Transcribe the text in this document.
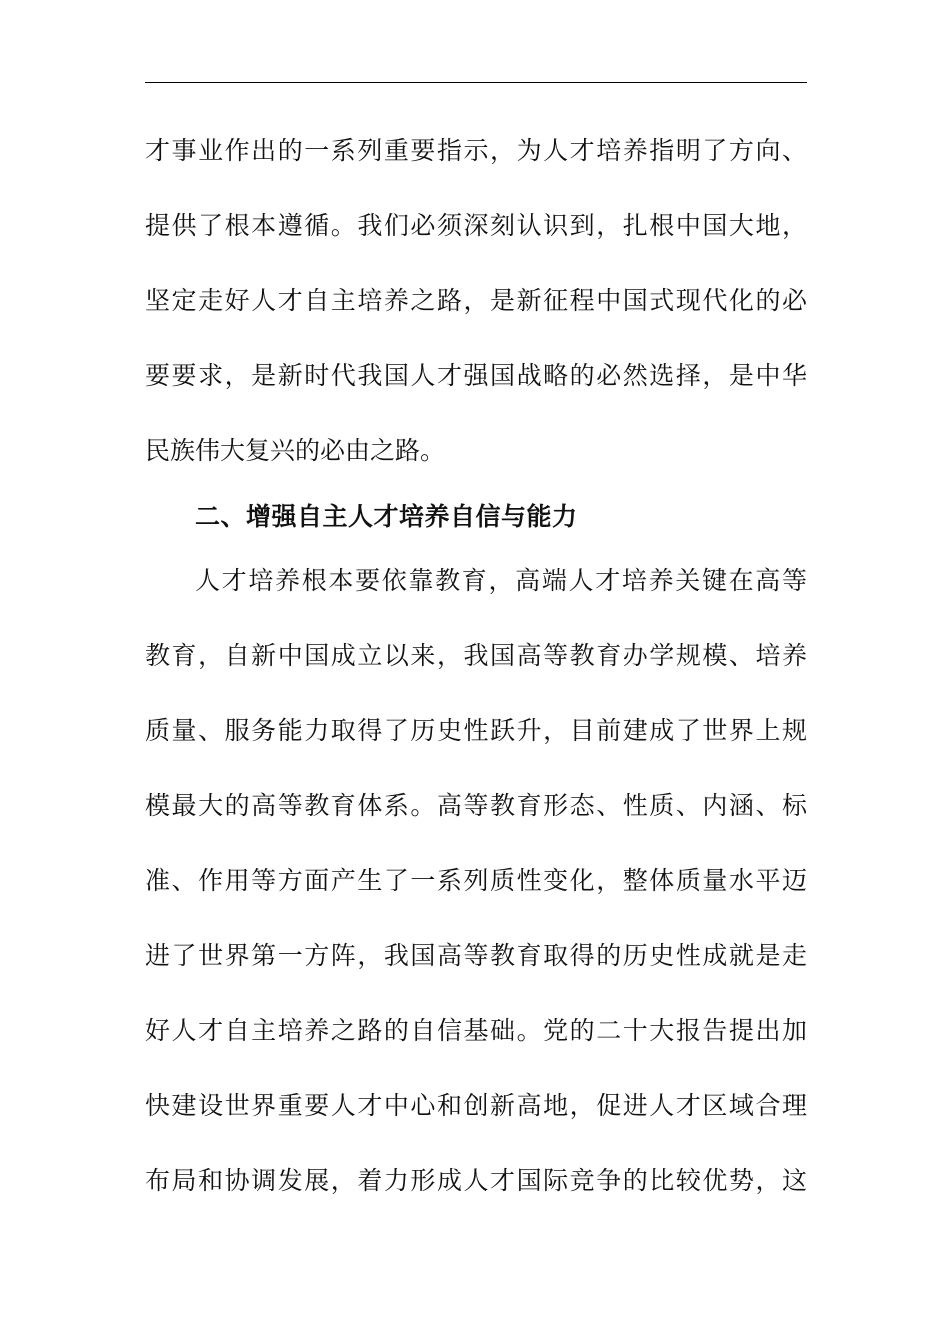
才事业作出的一系列重要指示，为人才培养指明了方向、
提供了根本遵循。我们必须深刻认识到，扎根中国大地，
坚定走好人才自主培养之路，是新征程中国式现代化的必
要要求，是新时代我国人才强国战略的必然选择，是中华
民族伟大复兴的必由之路。
二、增强自主人才培养自信与能力
人才培养根本要依靠教育，高端人才培养关键在高等
教育，自新中国成立以来，我国高等教育办学规模、培养
质量、服务能力取得了历史性跃升，目前建成了世界上规
模最大的高等教育体系。高等教育形态、性质、内涵、标
准、作用等方面产生了一系列质性变化，整体质量水平迈
进了世界第一方阵，我国高等教育取得的历史性成就是走
好人才自主培养之路的自信基础。党的二十大报告提出加
快建设世界重要人才中心和创新高地，促进人才区域合理
布局和协调发展，着力形成人才国际竞争的比较优势，这
